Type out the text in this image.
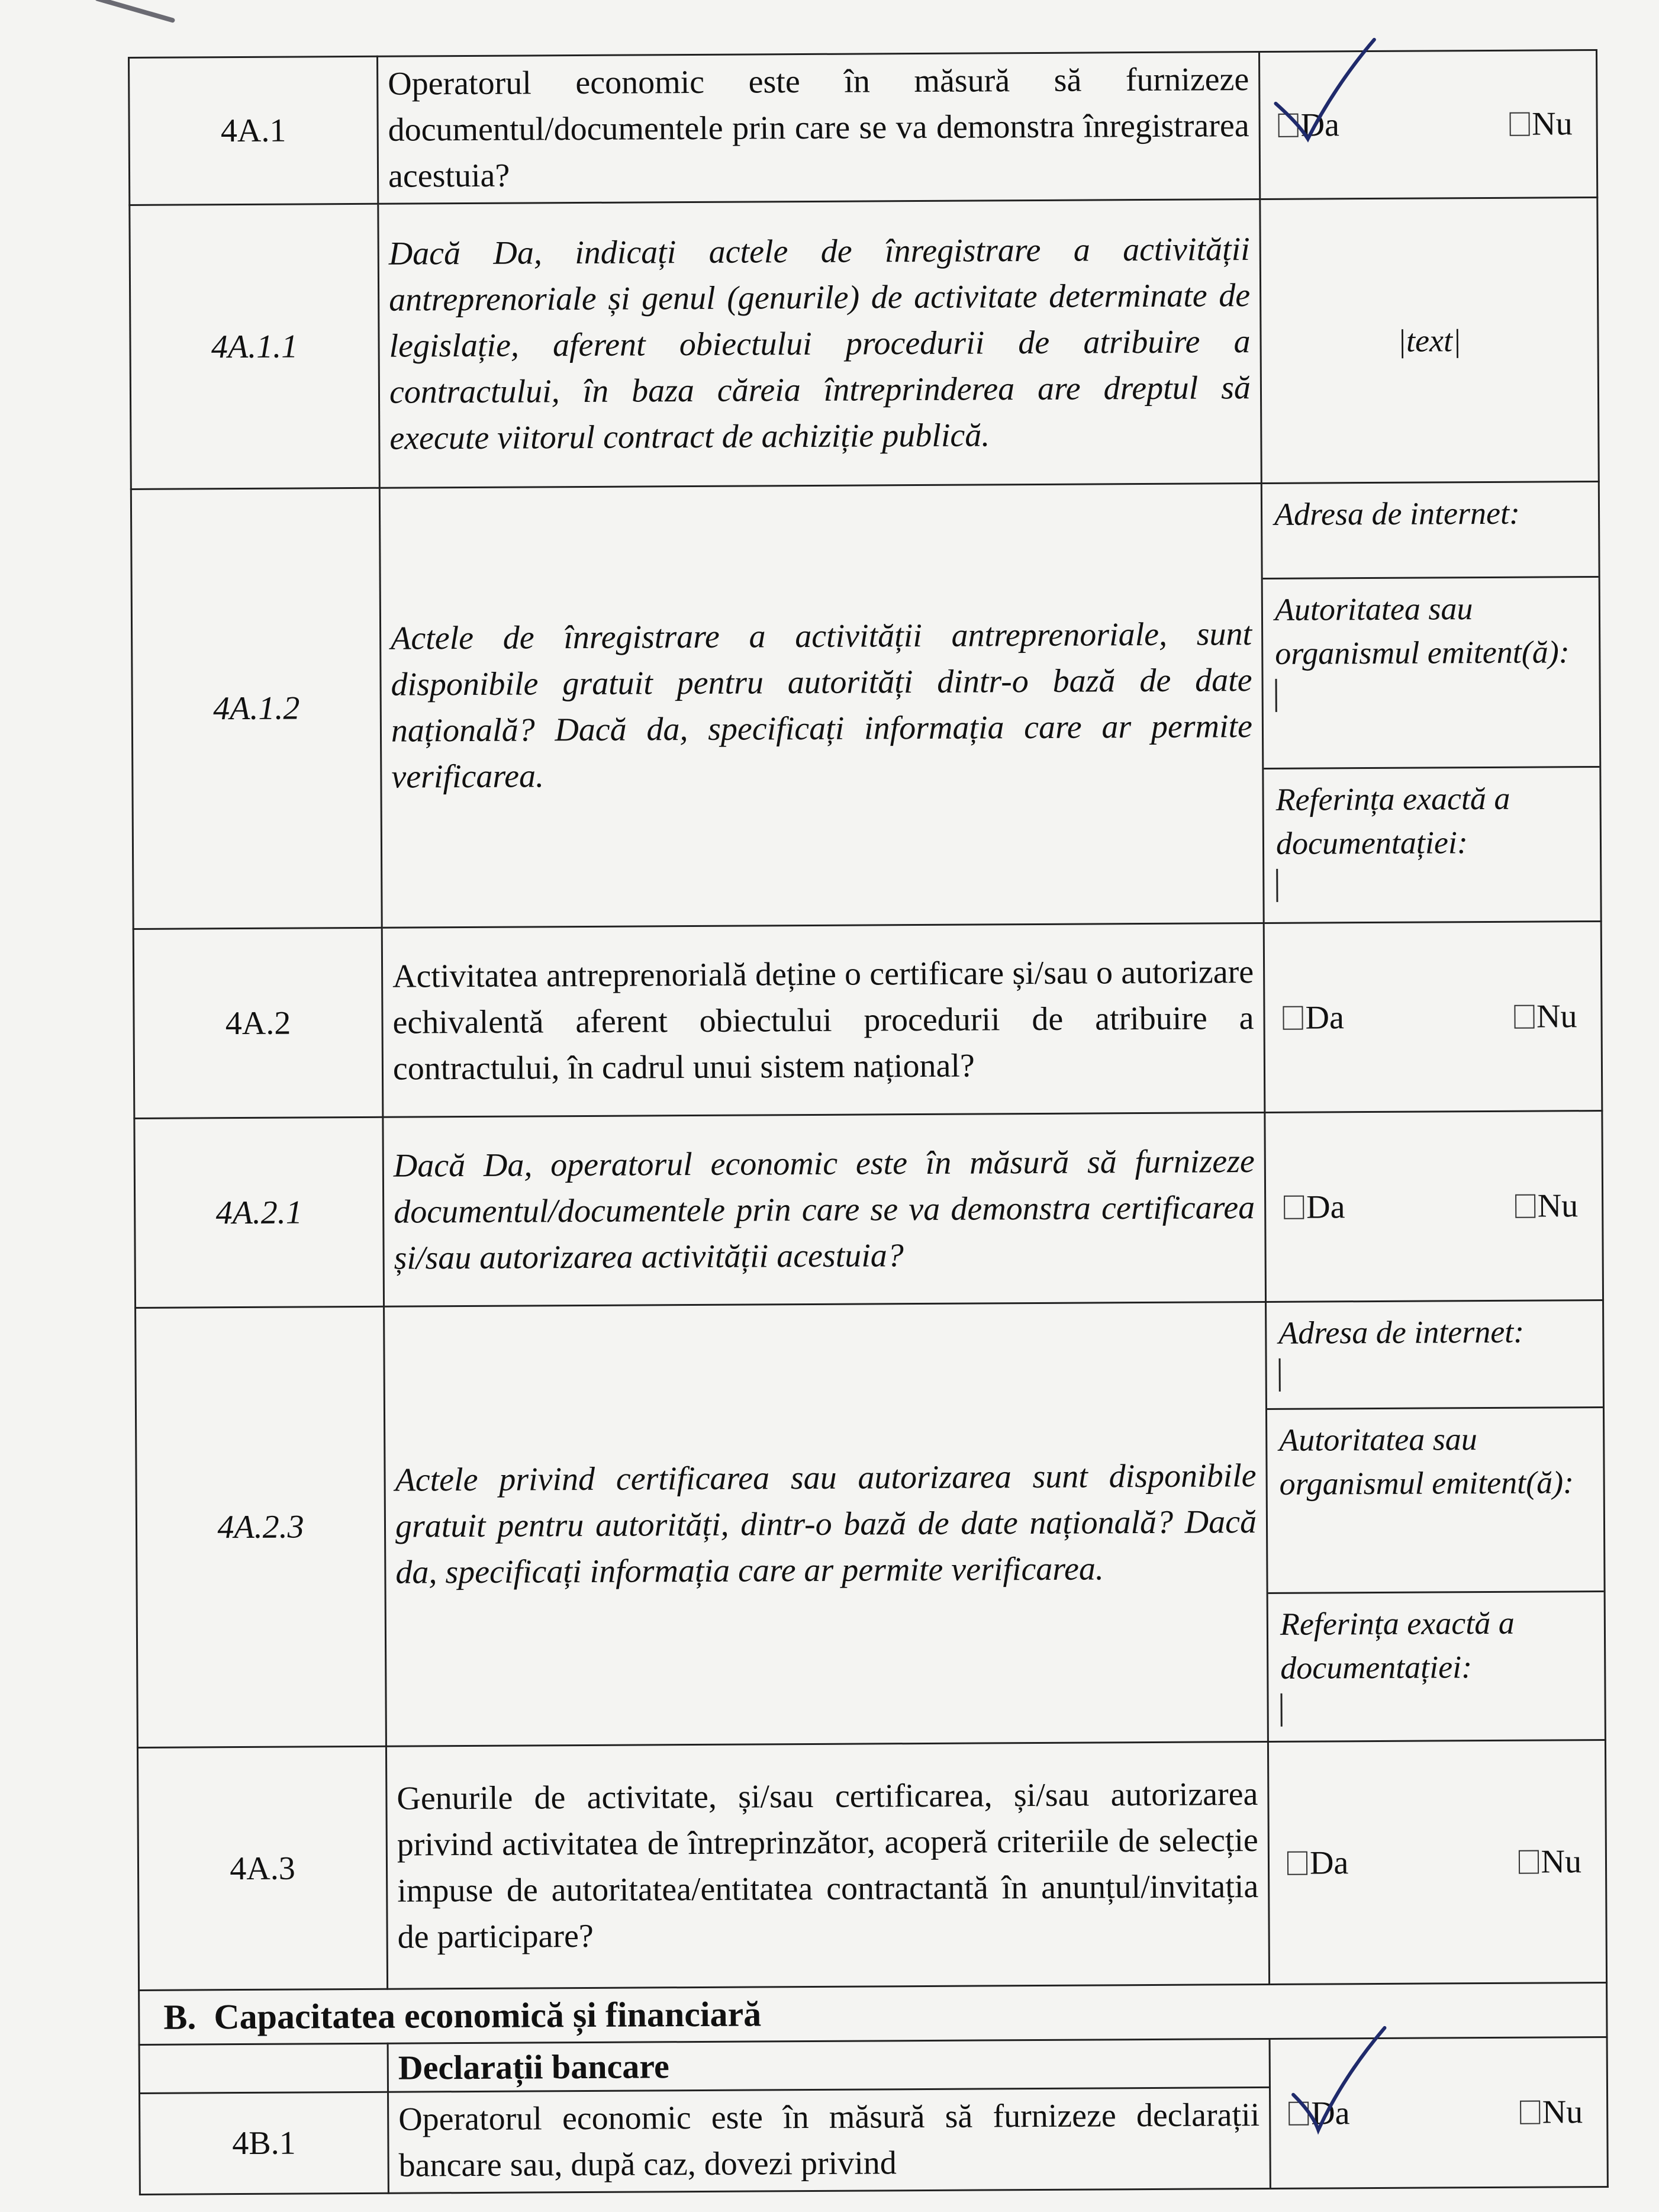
4A.1	Operatorul economic este în măsură să furnizeze documentul/documentele prin care se va demonstra înregistrarea acestuia?	Da Nu

4A.1.1	Dacă Da, indicați actele de înregistrare a activității antreprenoriale și genul (genurile) de activitate determinate de legislație, aferent obiectului procedurii de atribuire a contractului, în baza căreia întreprinderea are dreptul să execute viitorul contract de achiziție publică.	|text|
4A.1.2	Actele de înregistrare a activității antreprenoriale, sunt disponibile gratuit pentru autorități dintr-o bază de date națională? Dacă da, specificați informația care ar permite verificarea.	Adresa de internet:
Autoritatea sau organismul emitent(ă):
Referința exactă a documentației:

4A.2	Activitatea antreprenorială deține o certificare și/sau o autorizare echivalentă aferent obiectului procedurii de atribuire a contractului, în cadrul unui sistem național?	Da Nu

4A.2.1	Dacă Da, operatorul economic este în măsură să furnizeze documentul/documentele prin care se va demonstra certificarea și/sau autorizarea activității acestuia?	Da Nu

4A.2.3	Actele privind certificarea sau autorizarea sunt disponibile gratuit pentru autorități, dintr-o bază de date națională? Dacă da, specificați informația care ar permite verificarea.	Adresa de internet:
Autoritatea sau organismul emitent(ă):
Referința exactă a documentației:

4A.3	Genurile de activitate, și/sau certificarea, și/sau autorizarea privind activitatea de întreprinzător, acoperă criteriile de selecție impuse de autoritatea/entitatea contractantă în anunțul/invitația de participare?	Da Nu

B. Capacitatea economică și financiară		
	Declarații bancare	Da Nu

4B.1	Operatorul economic este în măsură să furnizeze declarații bancare sau, după caz, dovezi privind	
